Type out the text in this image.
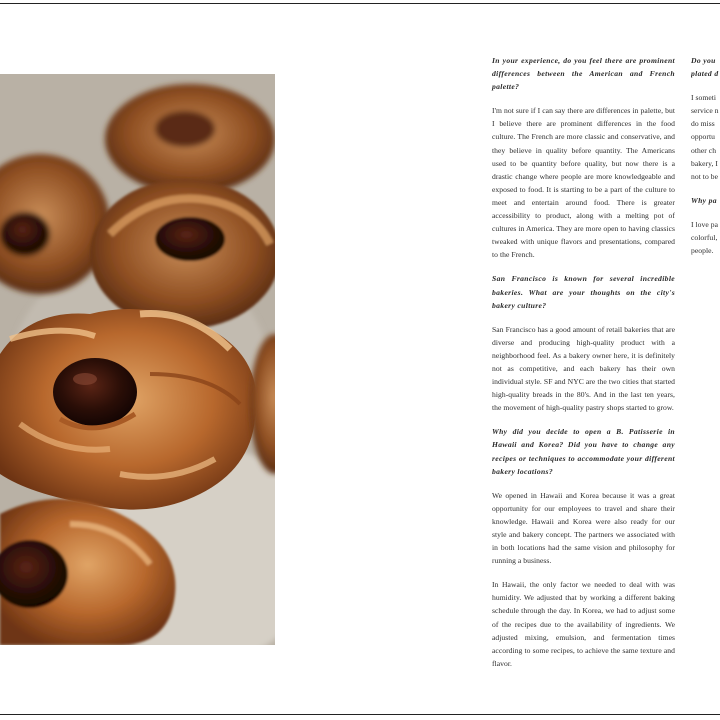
In your experience, do you feel there are prominent differences between the American and French palette?

I'm not sure if I can say there are differences in palette, but I believe there are prominent differences in the food culture. The French are more classic and conservative, and they believe in quality before quantity. The Americans used to be quantity before quality, but now there is a drastic change where people are more knowledgeable and exposed to food. It is starting to be a part of the culture to meet and entertain around food. There is greater accessibility to product, along with a melting pot of cultures in America. They are more open to having classics tweaked with unique flavors and presentations, compared to the French.

San Francisco is known for several incredible bakeries. What are your thoughts on the city's bakery culture?

San Francisco has a good amount of retail bakeries that are diverse and producing high-quality product with a neighborhood feel. As a bakery owner here, it is definitely not as competitive, and each bakery has their own individual style. SF and NYC are the two cities that started high-quality breads in the 80's. And in the last ten years, the movement of high-quality pastry shops started to grow.

Why did you decide to open a B. Patisserie in Hawaii and Korea? Did you have to change any recipes or techniques to accommodate your different bakery locations?

We opened in Hawaii and Korea because it was a great opportunity for our employees to travel and share their knowledge. Hawaii and Korea were also ready for our style and bakery concept. The partners we associated with in both locations had the same vision and philosophy for running a business.

In Hawaii, the only factor we needed to deal with was humidity. We adjusted that by working a different baking schedule through the day. In Korea, we had to adjust some of the recipes due to the availability of ingredients. We adjusted mixing, emulsion, and fermentation times according to some recipes, to achieve the same texture and flavor.

Do you
plated d

I someti
service n
do miss
opportu
other ch
bakery, I
not to be

Why pa

I love pa
colorful,
people.
